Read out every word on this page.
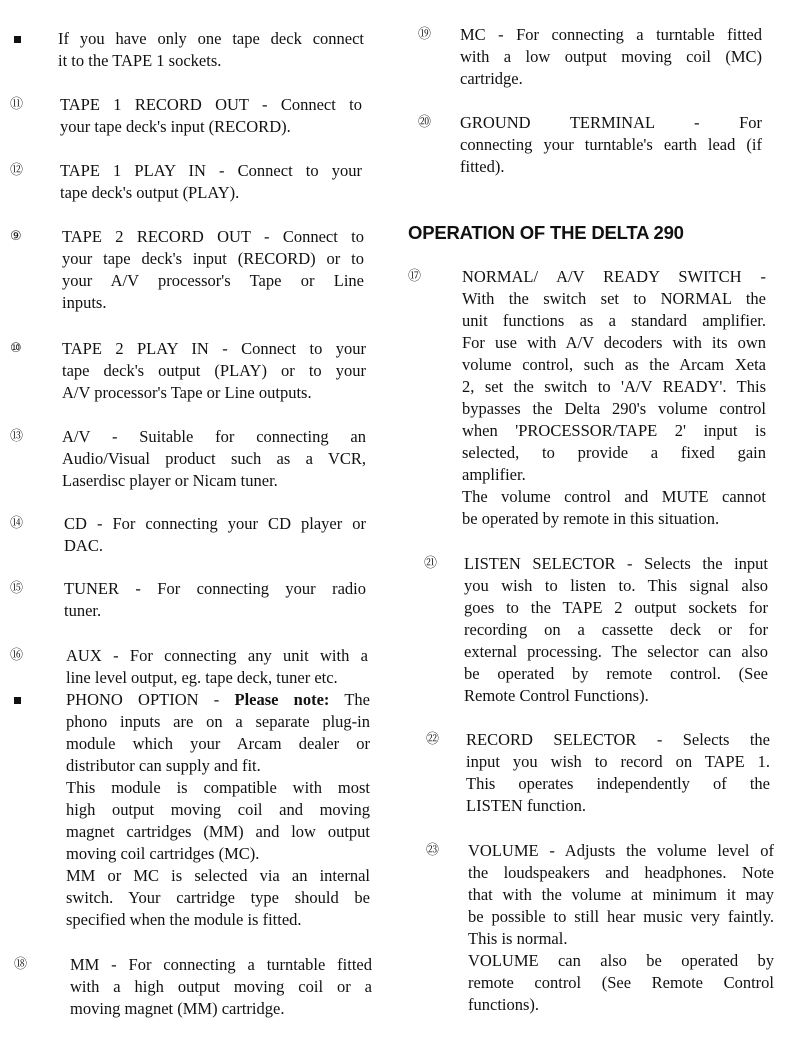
If you have only one tape deck connect
it to the TAPE 1 sockets.
⑪ TAPE 1 RECORD OUT - Connect to
your tape deck's input (RECORD).
⑫ TAPE 1 PLAY IN - Connect to your
tape deck's output (PLAY).
⑨ TAPE 2 RECORD OUT - Connect to
your tape deck's input (RECORD) or to
your A/V processor's Tape or Line
inputs.
⑩ TAPE 2 PLAY IN - Connect to your
tape deck's output (PLAY) or to your
A/V processor's Tape or Line outputs.
⑬ A/V - Suitable for connecting an
Audio/Visual product such as a VCR,
Laserdisc player or Nicam tuner.
⑭ CD - For connecting your CD player or
DAC.
⑮ TUNER - For connecting your radio
tuner.
⑯	AUX - For connecting any unit with a
line level output, eg. tape deck, tuner etc.
PHONO OPTION - Please note: The
phono inputs are on a separate plug-in
module which your Arcam dealer or
distributor can supply and fit.
This module is compatible with most
high output moving coil and moving
magnet cartridges (MM) and low output
moving coil cartridges (MC).
MM or MC is selected via an internal
switch. Your cartridge type should be
specified when the module is fitted.
⑱	MM - For connecting a turntable fitted
with a high output moving coil or a
moving magnet (MM) cartridge.
OPERATION OF THE DELTA 290
⑲ MC - For connecting a turntable fitted
with a low output moving coil (MC)
cartridge.
⑳ GROUND TERMINAL - For
connecting your turntable's earth lead (if
fitted).
⑰ NORMAL/ A/V READY SWITCH -
With the switch set to NORMAL the
unit functions as a standard amplifier.
For use with A/V decoders with its own
volume control, such as the Arcam Xeta
2, set the switch to 'A/V READY'. This
bypasses the Delta 290's volume control
when 'PROCESSOR/TAPE 2' input is
selected, to provide a fixed gain
amplifier.
The volume control and MUTE cannot
be operated by remote in this situation.
㉑ LISTEN SELECTOR - Selects the input
you wish to listen to. This signal also
goes to the TAPE 2 output sockets for
recording on a cassette deck or for
external processing. The selector can also
be operated by remote control. (See
Remote Control Functions).
㉒ RECORD SELECTOR - Selects the
input you wish to record on TAPE 1.
This operates independently of the
LISTEN function.
㉓ VOLUME - Adjusts the volume level of
the loudspeakers and headphones. Note
that with the volume at minimum it may
be possible to still hear music very faintly.
This is normal.
VOLUME can also be operated by
remote control (See Remote Control
functions).
